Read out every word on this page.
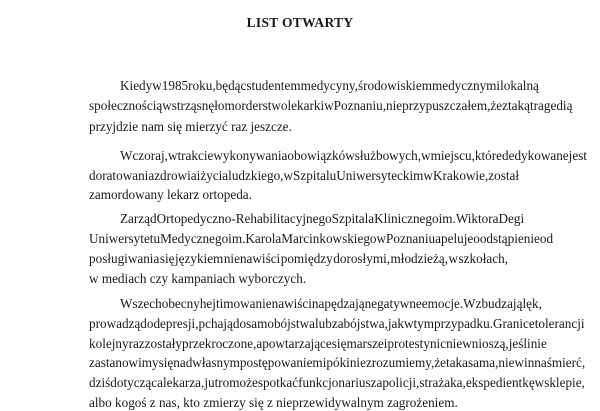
LIST OTWARTY
Kiedy w 1985 roku, będąc studentem medycyny, środowiskiem medycznym i lokalną
społecznością wstrząsnęło morderstwo lekarki w Poznaniu, nie przypuszczałem, że z taką tragedią
przyjdzie nam się mierzyć raz jeszcze.
Wczoraj, w trakcie wykonywania obowiązków służbowych, w miejscu, które dedykowane jest
do ratowania zdrowia i życia ludzkiego, w Szpitalu Uniwersyteckim w Krakowie, został
zamordowany lekarz ortopeda.
Zarząd Ortopedyczno-Rehabilitacyjnego Szpitala Klinicznego im. Wiktora Degi
Uniwersytetu Medycznego im. Karola Marcinkowskiego w Poznaniu apeluje o odstąpienie od
posługiwania się językiem nienawiści pomiędzy dorosłymi, młodzieżą, w szkołach,
w mediach czy kampaniach wyborczych.
Wszechobecny hejt i mowa nienawiści napędzają negatywne emocje. Wzbudzają lęk,
prowadzą do depresji, pchają do samobójstwa lub zabójstwa, jak w tym przypadku. Granice tolerancji
kolejny raz zostały przekroczone, a powtarzające się marsze i protesty nic nie wnioszą, jeśli nie
zastanowimy się nad własnym postępowaniem i póki nie zrozumiemy, że taka sama, niewinna śmierć,
dziś dotycząca lekarza, jutro może spotkać funkcjonariusza policji, strażaka, ekspedientkę w sklepie,
albo kogoś z nas, kto zmierzy się z nieprzewidywalnym zagrożeniem.
